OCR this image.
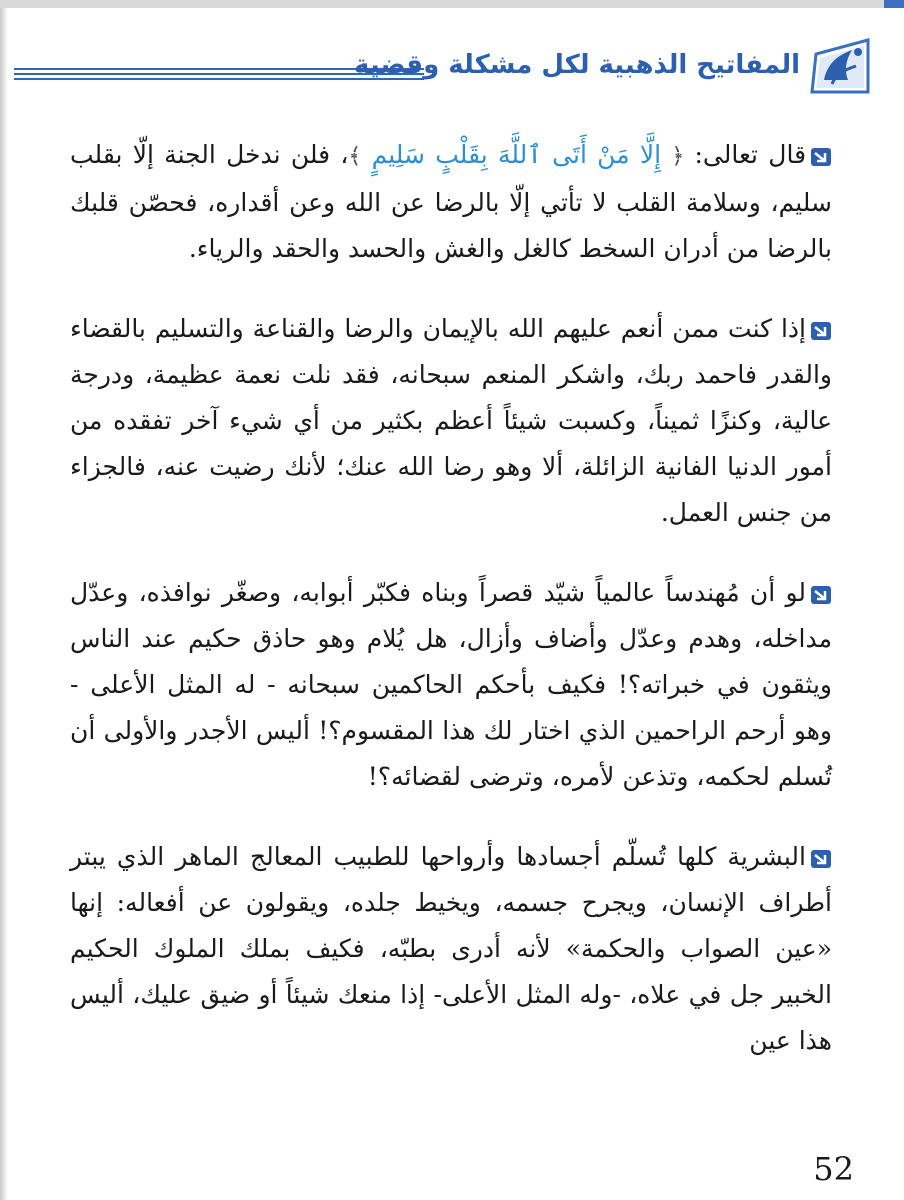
المفاتيح الذهبية لكل مشكلة وقضية

قال تعالى: ﴿ إِلَّا مَنْ أَتَى ٱللَّهَ بِقَلْبٍ سَلِيمٍ ﴾، فلن ندخل الجنة إلّا بقلب سليم، وسلامة القلب لا تأتي إلّا بالرضا عن الله وعن أقداره، فحصّن قلبك بالرضا من أدران السخط كالغل والغش والحسد والحقد والرياء.

إذا كنت ممن أنعم عليهم الله بالإيمان والرضا والقناعة والتسليم بالقضاء والقدر فاحمد ربك، واشكر المنعم سبحانه، فقد نلت نعمة عظيمة، ودرجة عالية، وكنزًا ثميناً، وكسبت شيئاً أعظم بكثير من أي شيء آخر تفقده من أمور الدنيا الفانية الزائلة، ألا وهو رضا الله عنك؛ لأنك رضيت عنه، فالجزاء من جنس العمل.

لو أن مُهندساً عالمياً شيّد قصراً وبناه فكبّر أبوابه، وصغّر نوافذه، وعدّل مداخله، وهدم وعدّل وأضاف وأزال، هل يُلام وهو حاذق حكيم عند الناس ويثقون في خبراته؟! فكيف بأحكم الحاكمين سبحانه - له المثل الأعلى - وهو أرحم الراحمين الذي اختار لك هذا المقسوم؟! أليس الأجدر والأولى أن تُسلم لحكمه، وتذعن لأمره، وترضى لقضائه؟!

البشرية كلها تُسلّم أجسادها وأرواحها للطبيب المعالج الماهر الذي يبتر أطراف الإنسان، ويجرح جسمه، ويخيط جلده، ويقولون عن أفعاله: إنها «عين الصواب والحكمة» لأنه أدرى بطبّه، فكيف بملك الملوك الحكيم الخبير جل في علاه، -وله المثل الأعلى- إذا منعك شيئاً أو ضيق عليك، أليس هذا عين

52
